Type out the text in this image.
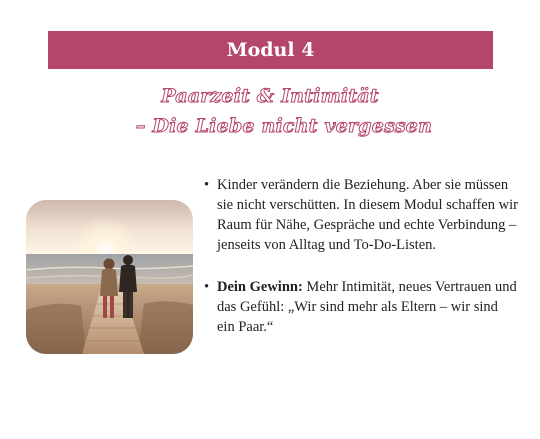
Modul 4
Paarzeit & Intimität
– Die Liebe nicht vergessen
• Kinder verändern die Beziehung. Aber sie müssen sie nicht verschütten. In diesem Modul schaffen wir Raum für Nähe, Gespräche und echte Verbindung – jenseits von Alltag und To-Do-Listen.
• Dein Gewinn: Mehr Intimität, neues Vertrauen und das Gefühl: „Wir sind mehr als Eltern – wir sind ein Paar.“
